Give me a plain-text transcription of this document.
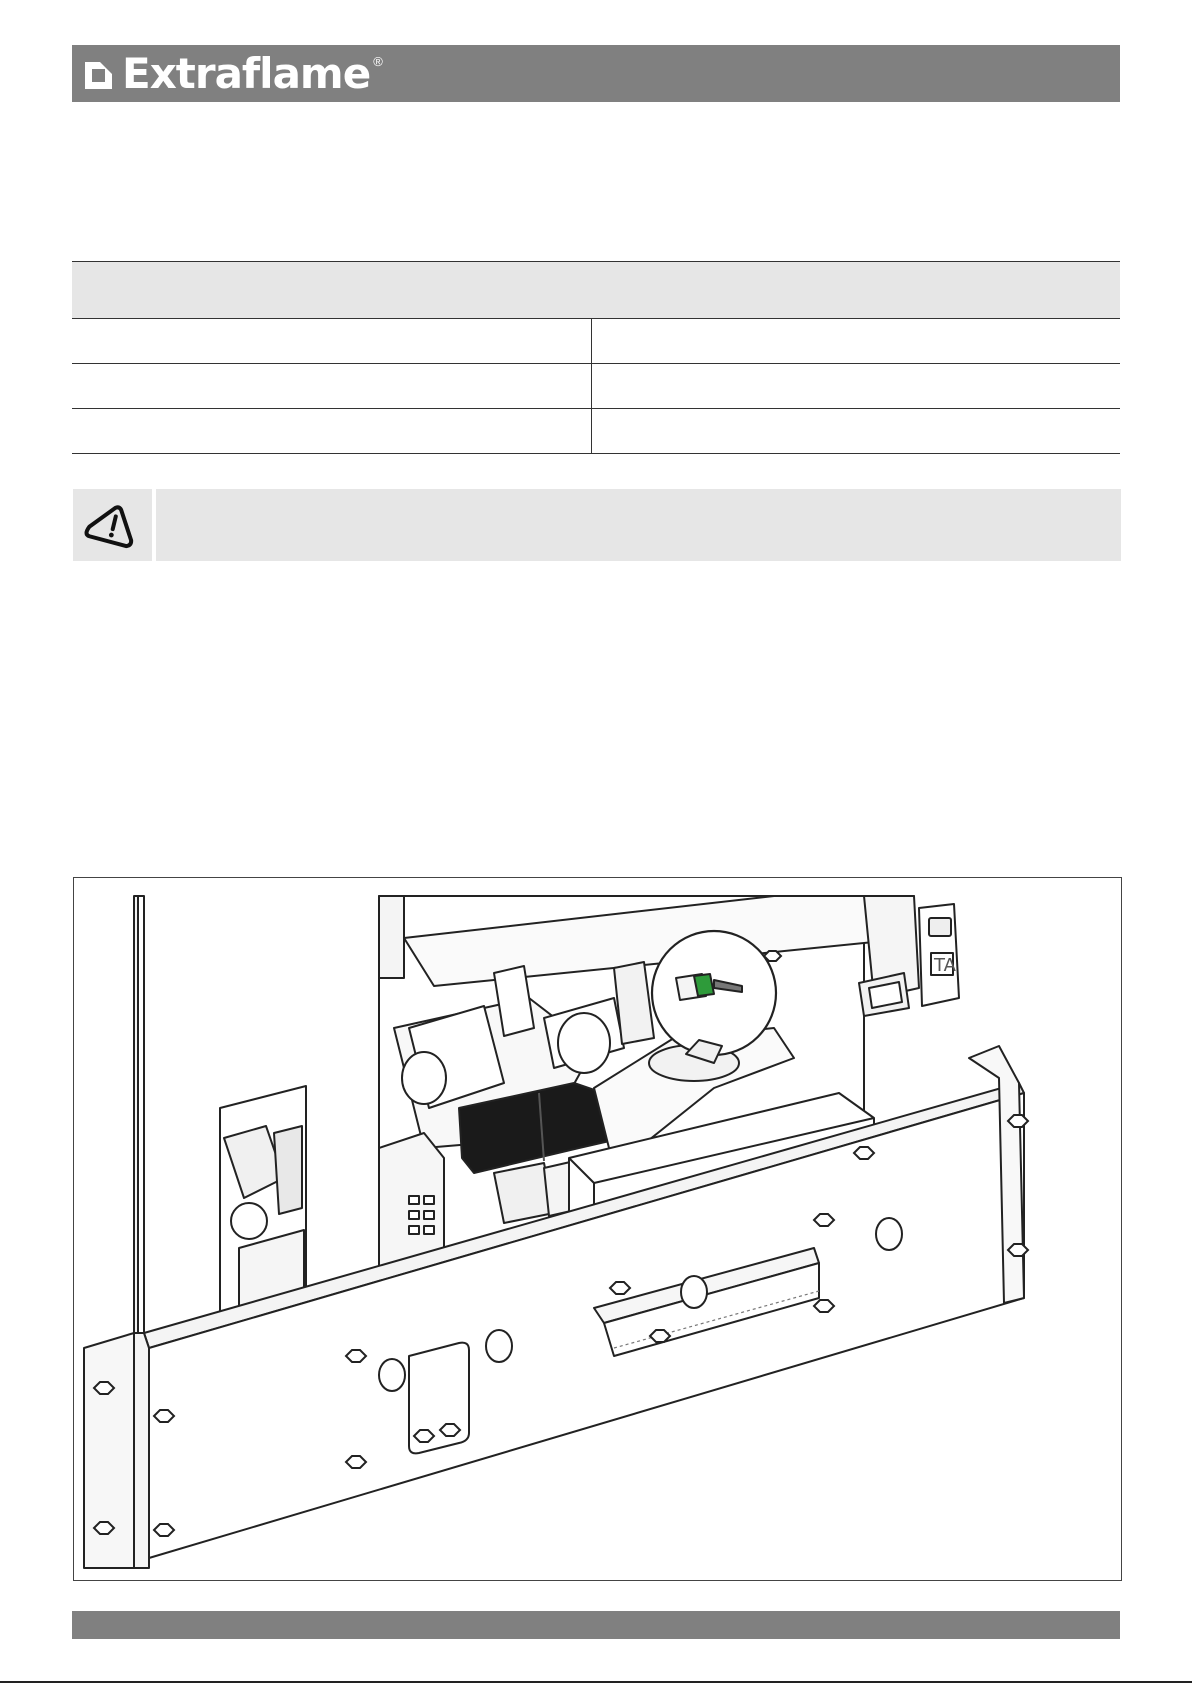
Extraflame ®
TA
